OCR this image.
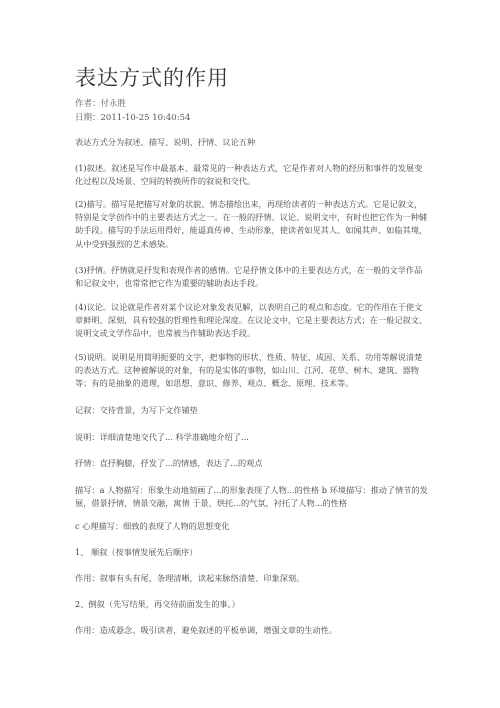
表达方式的作用
作者：付永胜
日期：2011-10-25 10:40:54
表达方式分为叙述、描写、说明、抒情、议论五种
(1)叙述。叙述是写作中最基本、最常见的一种表达方式，它是作者对人物的经历和事件的发展变化过程以及场景、空间的转换所作的叙说和交代。
(2)描写。描写是把描写对象的状貌、情态描绘出来，再现给读者的一种表达方式。它是记叙文，特别是文学创作中的主要表达方式之一。在一般的抒情、议论、说明文中，有时也把它作为一种辅助手段。描写的手法运用得好，能逼真传神、生动形象，使读者如见其人、如闻其声、如临其境，从中受到强烈的艺术感染。
(3)抒情。抒情就是抒发和表现作者的感情。它是抒情文体中的主要表达方式，在一般的文学作品和记叙文中，也常常把它作为重要的辅助表达手段。
(4)议论。议论就是作者对某个议论对象发表见解，以表明自己的观点和态度。它的作用在于使文章鲜明、深刻，具有较强的哲理性和理论深度。在议论文中，它是主要表达方式；在一般记叙文、说明文或文学作品中，也常被当作辅助表达手段。
(5)说明。说明是用简明扼要的文字，把事物的形状、性质、特征、成因、关系、功用等解说清楚的表达方式。这种被解说的对象，有的是实体的事物，如山川、江河、花草、树木、建筑、器物等；有的是抽象的道理，如思想、意识、修养、观点、概念、原理、技术等。
记叙：交待背景，为写下文作铺垫
说明：详细清楚地交代了... 科学准确地介绍了...
抒情：直抒胸臆，抒发了...的情感，表达了...的观点
描写：a 人物描写：形象生动地刻画了...的形象表现了人物...的性格 b 环境描写：推动了情节的发展，借景抒情，情景交融，寓情 于景，烘托...的气氛，衬托了人物...的性格
c 心理描写：细致的表现了人物的思想变化
1、 顺叙（按事情发展先后顺序）
作用：叙事有头有尾，条理清晰，读起来脉络清楚、印象深刻。
2、倒叙（先写结果，再交待前面发生的事。）
作用：造成悬念、吸引读者，避免叙述的平板单调，增强文章的生动性。
